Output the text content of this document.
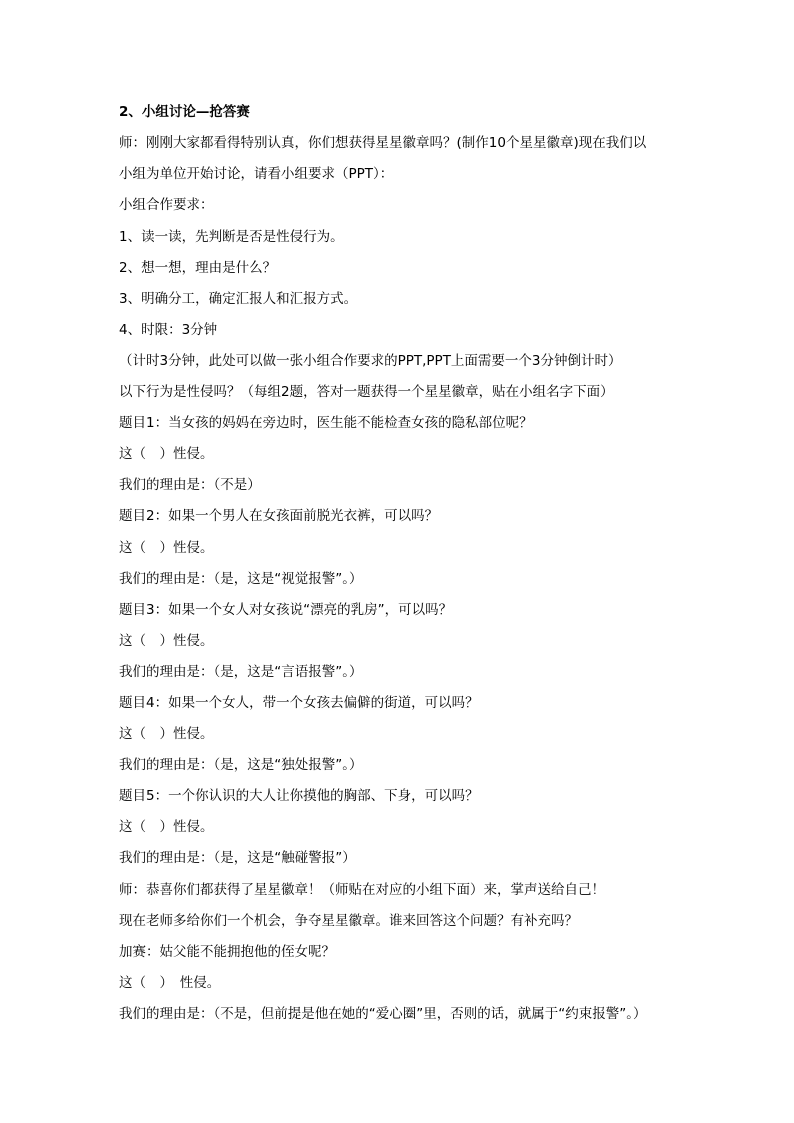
2、小组讨论—抢答赛
师：刚刚大家都看得特别认真，你们想获得星星徽章吗？(制作10个星星徽章)现在我们以
小组为单位开始讨论，请看小组要求（PPT）：
小组合作要求：
1、读一读，先判断是否是性侵行为。
2、想一想，理由是什么？
3、明确分工，确定汇报人和汇报方式。
4、时限：3分钟
（计时3分钟，此处可以做一张小组合作要求的PPT,PPT上面需要一个3分钟倒计时）
以下行为是性侵吗？（每组2题，答对一题获得一个星星徽章，贴在小组名字下面）
题目1：当女孩的妈妈在旁边时，医生能不能检查女孩的隐私部位呢？
这（　）性侵。
我们的理由是：（不是）
题目2：如果一个男人在女孩面前脱光衣裤，可以吗？
这（　）性侵。
我们的理由是：（是，这是“视觉报警”。）
题目3：如果一个女人对女孩说“漂亮的乳房”，可以吗？
这（　）性侵。
我们的理由是：（是，这是“言语报警”。）
题目4：如果一个女人，带一个女孩去偏僻的街道，可以吗？
这（　）性侵。
我们的理由是：（是，这是“独处报警”。）
题目5：一个你认识的大人让你摸他的胸部、下身，可以吗？
这（　）性侵。
我们的理由是：（是，这是“触碰警报”）
师：恭喜你们都获得了星星徽章！（师贴在对应的小组下面）来，掌声送给自己！
现在老师多给你们一个机会，争夺星星徽章。谁来回答这个问题？有补充吗？
加赛：姑父能不能拥抱他的侄女呢？
这（　）　性侵。
我们的理由是：（不是，但前提是他在她的“爱心圈”里，否则的话，就属于“约束报警”。）
